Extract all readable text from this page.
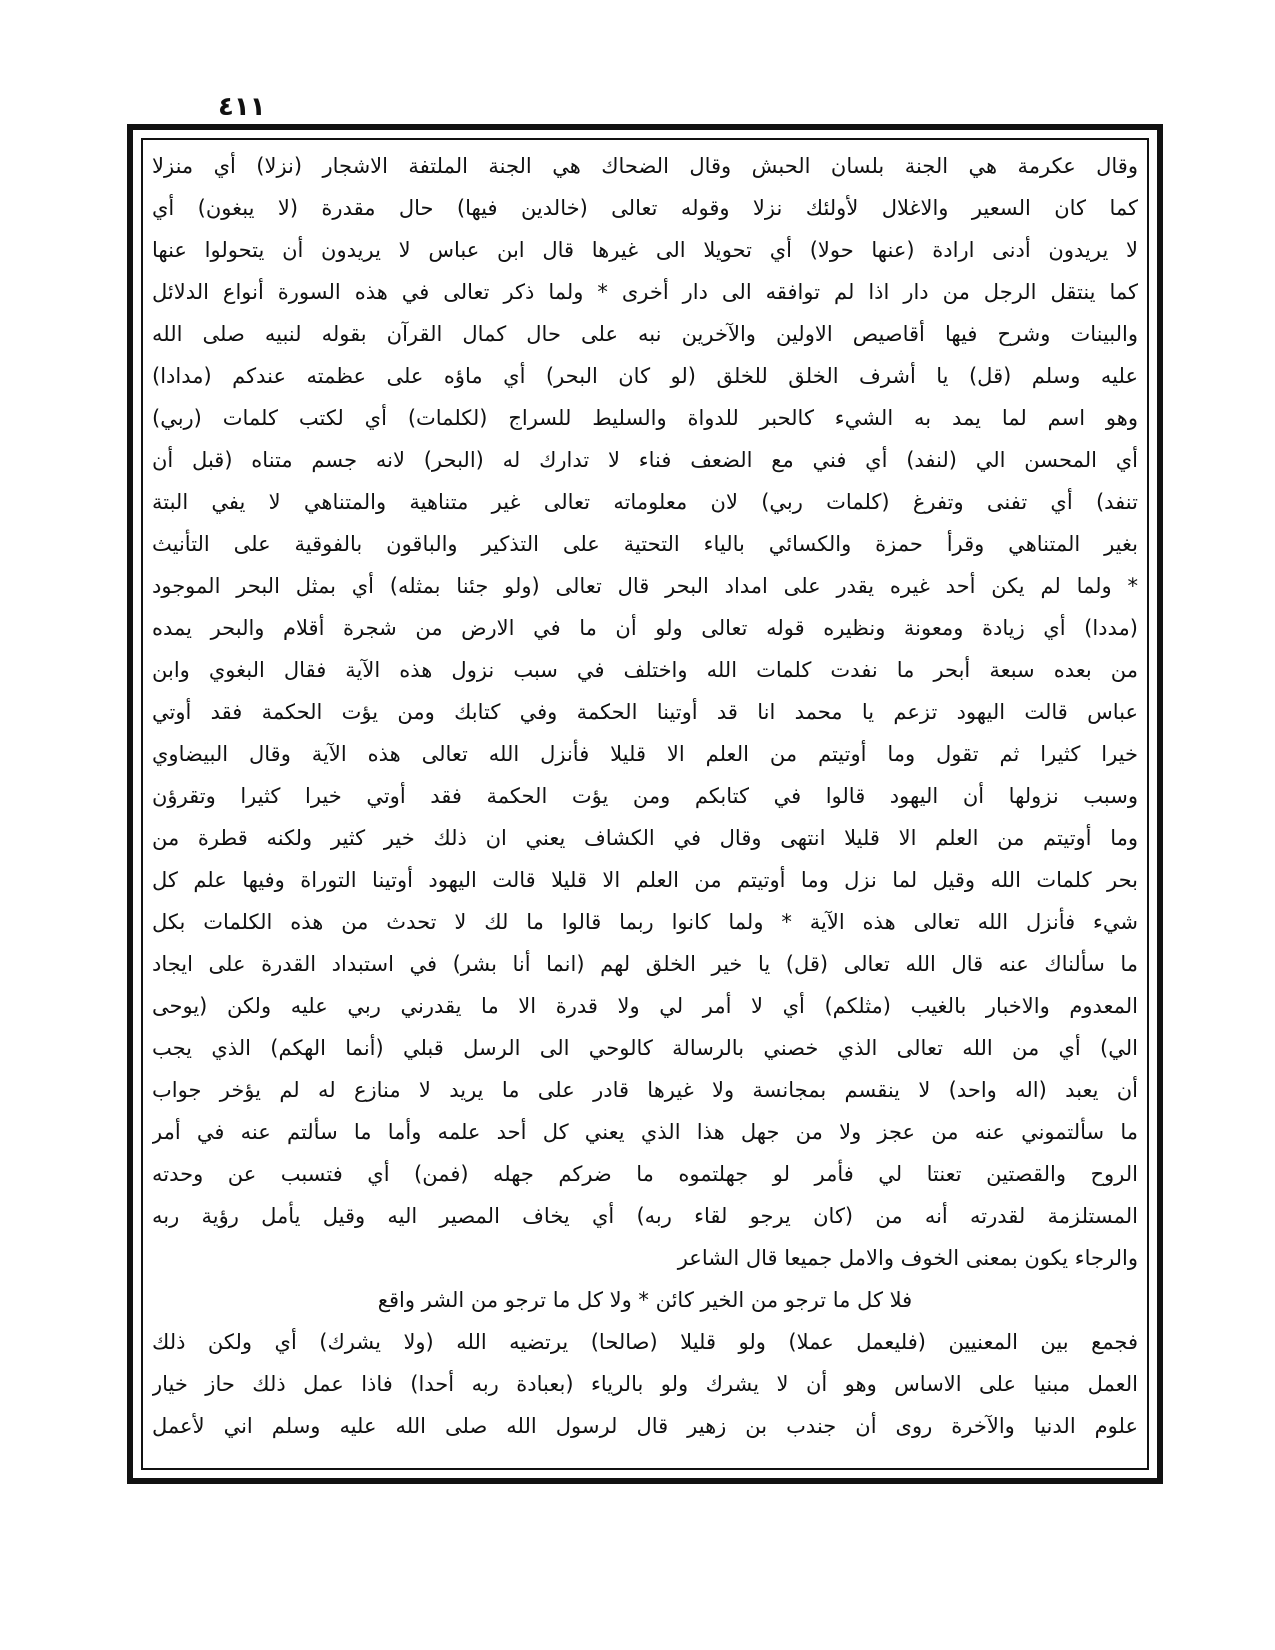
٤١١
وقال عكرمة هي الجنة بلسان الحبش وقال الضحاك هي الجنة الملتفة الاشجار (نزلا) أي منزلا
كما كان السعير والاغلال لأولئك نزلا وقوله تعالى (خالدين فيها) حال مقدرة (لا يبغون) أي
لا يريدون أدنى ارادة (عنها حولا) أي تحويلا الى غيرها قال ابن عباس لا يريدون أن يتحولوا عنها
كما ينتقل الرجل من دار اذا لم توافقه الى دار أخرى * ولما ذكر تعالى في هذه السورة أنواع الدلائل
والبينات وشرح فيها أقاصيص الاولين والآخرين نبه على حال كمال القرآن بقوله لنبيه صلى الله
عليه وسلم (قل) يا أشرف الخلق للخلق (لو كان البحر) أي ماؤه على عظمته عندكم (مدادا)
وهو اسم لما يمد به الشيء كالحبر للدواة والسليط للسراج (لكلمات) أي لكتب كلمات (ربي)
أي المحسن الي (لنفد) أي فني مع الضعف فناء لا تدارك له (البحر) لانه جسم متناه (قبل أن
تنفد) أي تفنى وتفرغ (كلمات ربي) لان معلوماته تعالى غير متناهية والمتناهي لا يفي البتة
بغير المتناهي وقرأ حمزة والكسائي بالياء التحتية على التذكير والباقون بالفوقية على التأنيث
* ولما لم يكن أحد غيره يقدر على امداد البحر قال تعالى (ولو جئنا بمثله) أي بمثل البحر الموجود
(مددا) أي زيادة ومعونة ونظيره قوله تعالى ولو أن ما في الارض من شجرة أقلام والبحر يمده
من بعده سبعة أبحر ما نفدت كلمات الله واختلف في سبب نزول هذه الآية فقال البغوي وابن
عباس قالت اليهود تزعم يا محمد انا قد أوتينا الحكمة وفي كتابك ومن يؤت الحكمة فقد أوتي
خيرا كثيرا ثم تقول وما أوتيتم من العلم الا قليلا فأنزل الله تعالى هذه الآية وقال البيضاوي
وسبب نزولها أن اليهود قالوا في كتابكم ومن يؤت الحكمة فقد أوتي خيرا كثيرا وتقرؤن
وما أوتيتم من العلم الا قليلا انتهى وقال في الكشاف يعني ان ذلك خير كثير ولكنه قطرة من
بحر كلمات الله وقيل لما نزل وما أوتيتم من العلم الا قليلا قالت اليهود أوتينا التوراة وفيها علم كل
شيء فأنزل الله تعالى هذه الآية * ولما كانوا ربما قالوا ما لك لا تحدث من هذه الكلمات بكل
ما سألناك عنه قال الله تعالى (قل) يا خير الخلق لهم (انما أنا بشر) في استبداد القدرة على ايجاد
المعدوم والاخبار بالغيب (مثلكم) أي لا أمر لي ولا قدرة الا ما يقدرني ربي عليه ولكن (يوحى
الي) أي من الله تعالى الذي خصني بالرسالة كالوحي الى الرسل قبلي (أنما الهكم) الذي يجب
أن يعبد (اله واحد) لا ينقسم بمجانسة ولا غيرها قادر على ما يريد لا منازع له لم يؤخر جواب
ما سألتموني عنه من عجز ولا من جهل هذا الذي يعني كل أحد علمه وأما ما سألتم عنه في أمر
الروح والقصتين تعنتا لي فأمر لو جهلتموه ما ضركم جهله (فمن) أي فتسبب عن وحدته
المستلزمة لقدرته أنه من (كان يرجو لقاء ربه) أي يخاف المصير اليه وقيل يأمل رؤية ربه
والرجاء يكون بمعنى الخوف والامل جميعا قال الشاعر
فلا كل ما ترجو من الخير كائن * ولا كل ما ترجو من الشر واقع
فجمع بين المعنيين (فليعمل عملا) ولو قليلا (صالحا) يرتضيه الله (ولا يشرك) أي ولكن ذلك
العمل مبنيا على الاساس وهو أن لا يشرك ولو بالرياء (بعبادة ربه أحدا) فاذا عمل ذلك حاز خيار
علوم الدنيا والآخرة روى أن جندب بن زهير قال لرسول الله صلى الله عليه وسلم اني لأعمل
